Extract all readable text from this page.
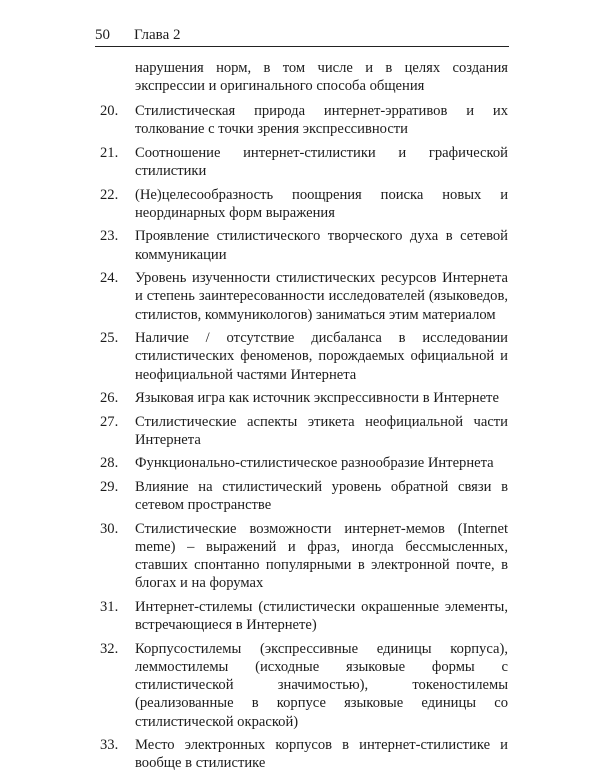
50 Глава 2
нарушения норм, в том числе и в целях создания экспрессии и оригинального способа общения
20. Стилистическая природа интернет-эрративов и их толкование с точки зрения экспрессивности
21. Соотношение интернет-стилистики и графической стилистики
22. (Не)целесообразность поощрения поиска новых и неординарных форм выражения
23. Проявление стилистического творческого духа в сетевой коммуникации
24. Уровень изученности стилистических ресурсов Интернета и степень заинтересованности исследователей (языковедов, стилистов, коммуникологов) заниматься этим материалом
25. Наличие / отсутствие дисбаланса в исследовании стилистических феноменов, порождаемых официальной и неофициальной частями Интернета
26. Языковая игра как источник экспрессивности в Интернете
27. Стилистические аспекты этикета неофициальной части Интернета
28. Функционально-стилистическое разнообразие Интернета
29. Влияние на стилистический уровень обратной связи в сетевом пространстве
30. Стилистические возможности интернет-мемов (Internet meme) – выражений и фраз, иногда бессмысленных, ставших спонтанно популярными в электронной почте, в блогах и на форумах
31. Интернет-стилемы (стилистически окрашенные элементы, встречающиеся в Интернете)
32. Корпусостилемы (экспрессивные единицы корпуса), леммостилемы (исходные языковые формы с стилистической значимостью), токеностилемы (реализованные в корпусе языковые единицы со стилистической окраской)
33. Место электронных корпусов в интернет-стилистике и вообще в стилистике
